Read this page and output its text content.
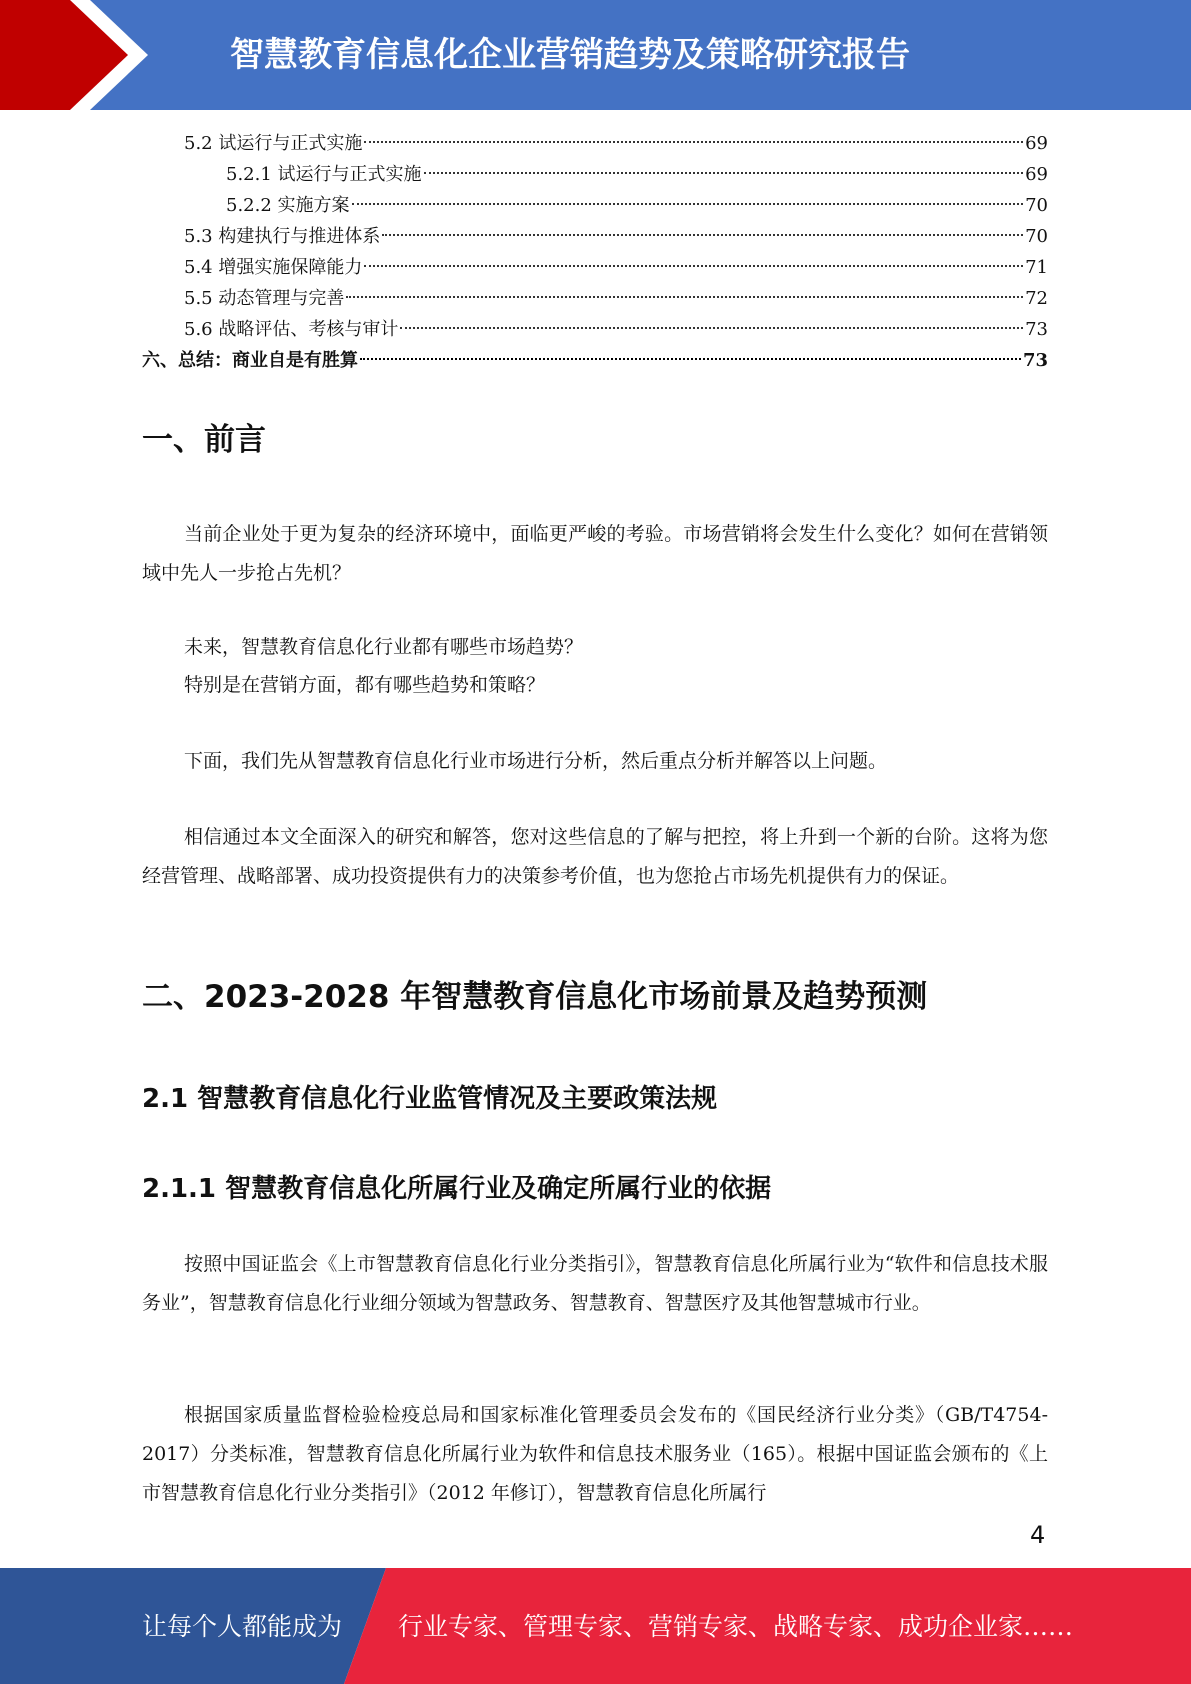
智慧教育信息化企业营销趋势及策略研究报告
5.2 试运行与正式实施	69
5.2.1 试运行与正式实施	69
5.2.2 实施方案	70
5.3 构建执行与推进体系	70
5.4 增强实施保障能力	71
5.5 动态管理与完善	72
5.6 战略评估、考核与审计	73
六、总结：商业自是有胜算	73
一、前言

当前企业处于更为复杂的经济环境中，面临更严峻的考验。市场营销将会发生什么变化？如何在营销领域中先人一步抢占先机？

未来，智慧教育信息化行业都有哪些市场趋势？

特别是在营销方面，都有哪些趋势和策略？

下面，我们先从智慧教育信息化行业市场进行分析，然后重点分析并解答以上问题。

相信通过本文全面深入的研究和解答，您对这些信息的了解与把控，将上升到一个新的台阶。这将为您经营管理、战略部署、成功投资提供有力的决策参考价值，也为您抢占市场先机提供有力的保证。

二、2023-2028 年智慧教育信息化市场前景及趋势预测
2.1 智慧教育信息化行业监管情况及主要政策法规
2.1.1 智慧教育信息化所属行业及确定所属行业的依据

按照中国证监会《上市智慧教育信息化行业分类指引》，智慧教育信息化所属行业为“软件和信息技术服务业”，智慧教育信息化行业细分领域为智慧政务、智慧教育、智慧医疗及其他智慧城市行业。

根据国家质量监督检验检疫总局和国家标准化管理委员会发布的《国民经济行业分类》（GB/T4754-2017）分类标准，智慧教育信息化所属行业为软件和信息技术服务业（165）。根据中国证监会颁布的《上市智慧教育信息化行业分类指引》（2012 年修订），智慧教育信息化所属行

4
让每个人都能成为 行业专家、管理专家、营销专家、战略专家、成功企业家……
